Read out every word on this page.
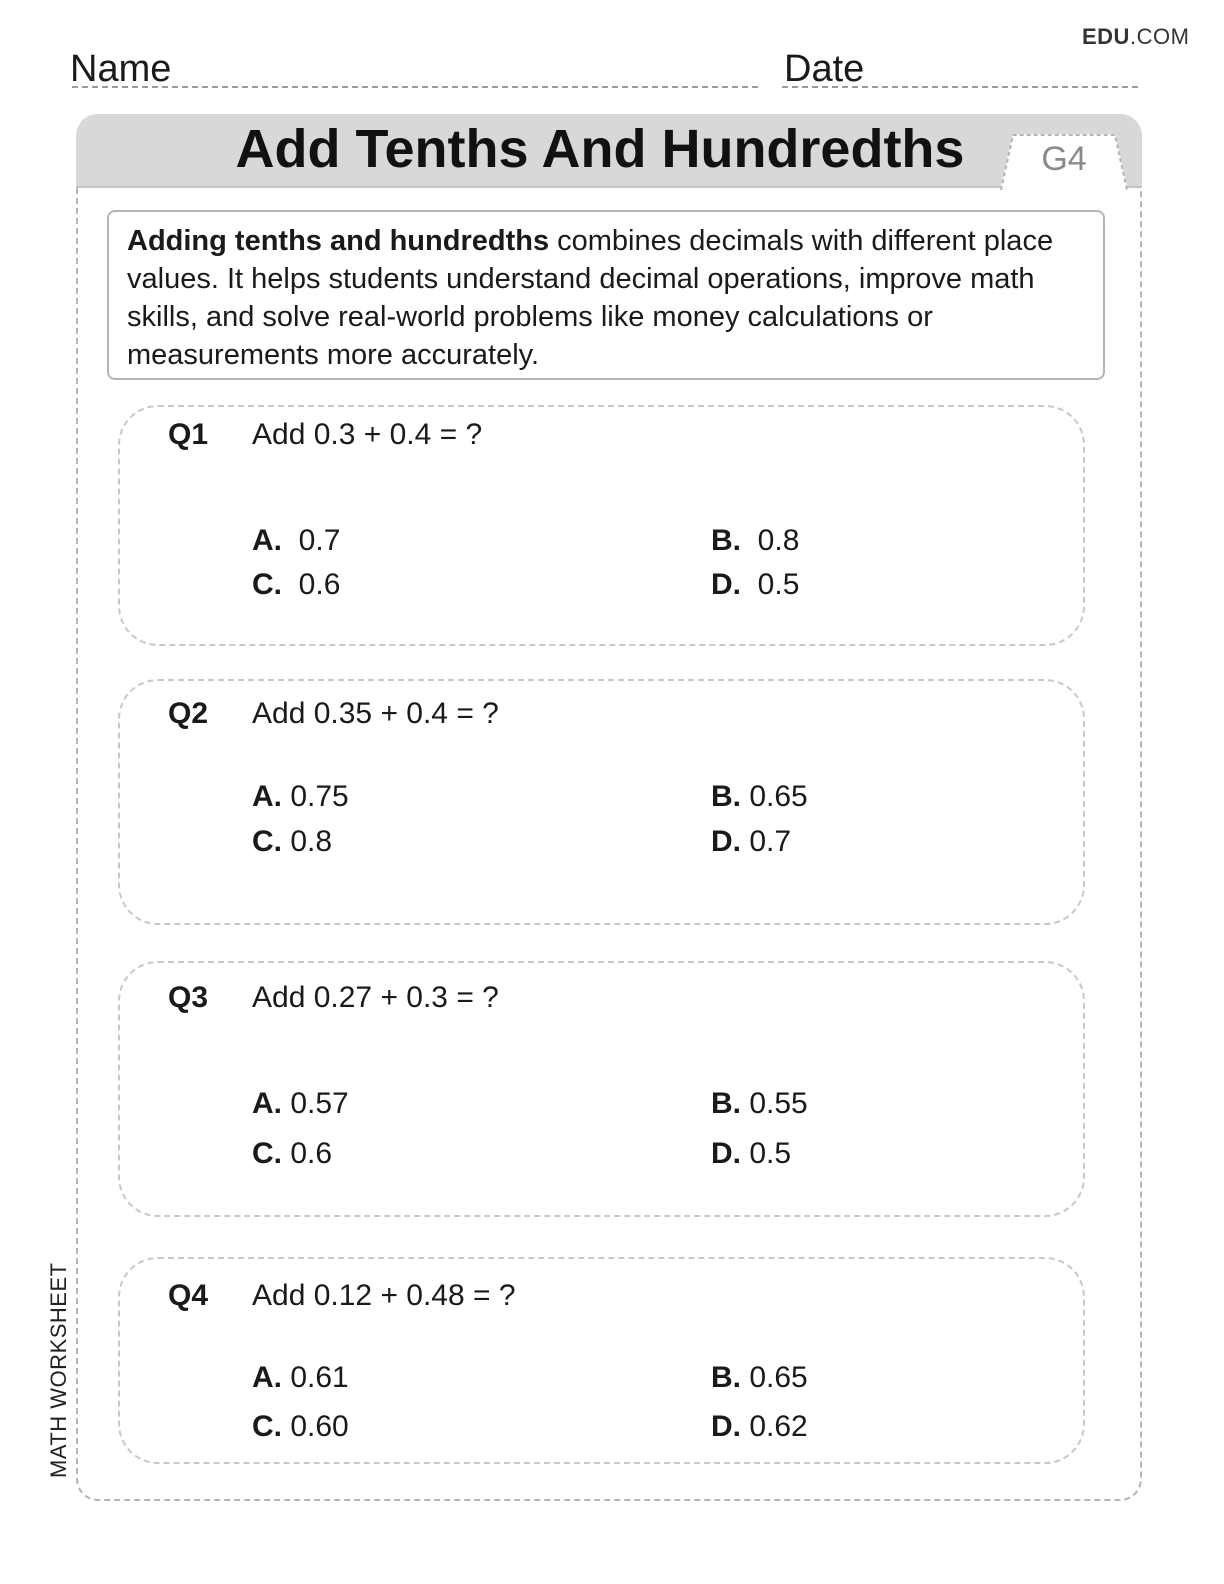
EDU.COM
Name	Date
Add Tenths And Hundredths	G4
Adding tenths and hundredths combines decimals with different place values. It helps students understand decimal operations, improve math skills, and solve real-world problems like money calculations or measurements more accurately.
Q1 Add 0.3 + 0.4 = ?
A. 0.7	B. 0.8
C. 0.6	D. 0.5
Q2 Add 0.35 + 0.4 = ?
A. 0.75	B. 0.65
C. 0.8	D. 0.7
Q3 Add 0.27 + 0.3 = ?
A. 0.57	B. 0.55
C. 0.6	D. 0.5
Q4 Add 0.12 + 0.48 = ?
A. 0.61	B. 0.65
C. 0.60	D. 0.62
MATH WORKSHEET
